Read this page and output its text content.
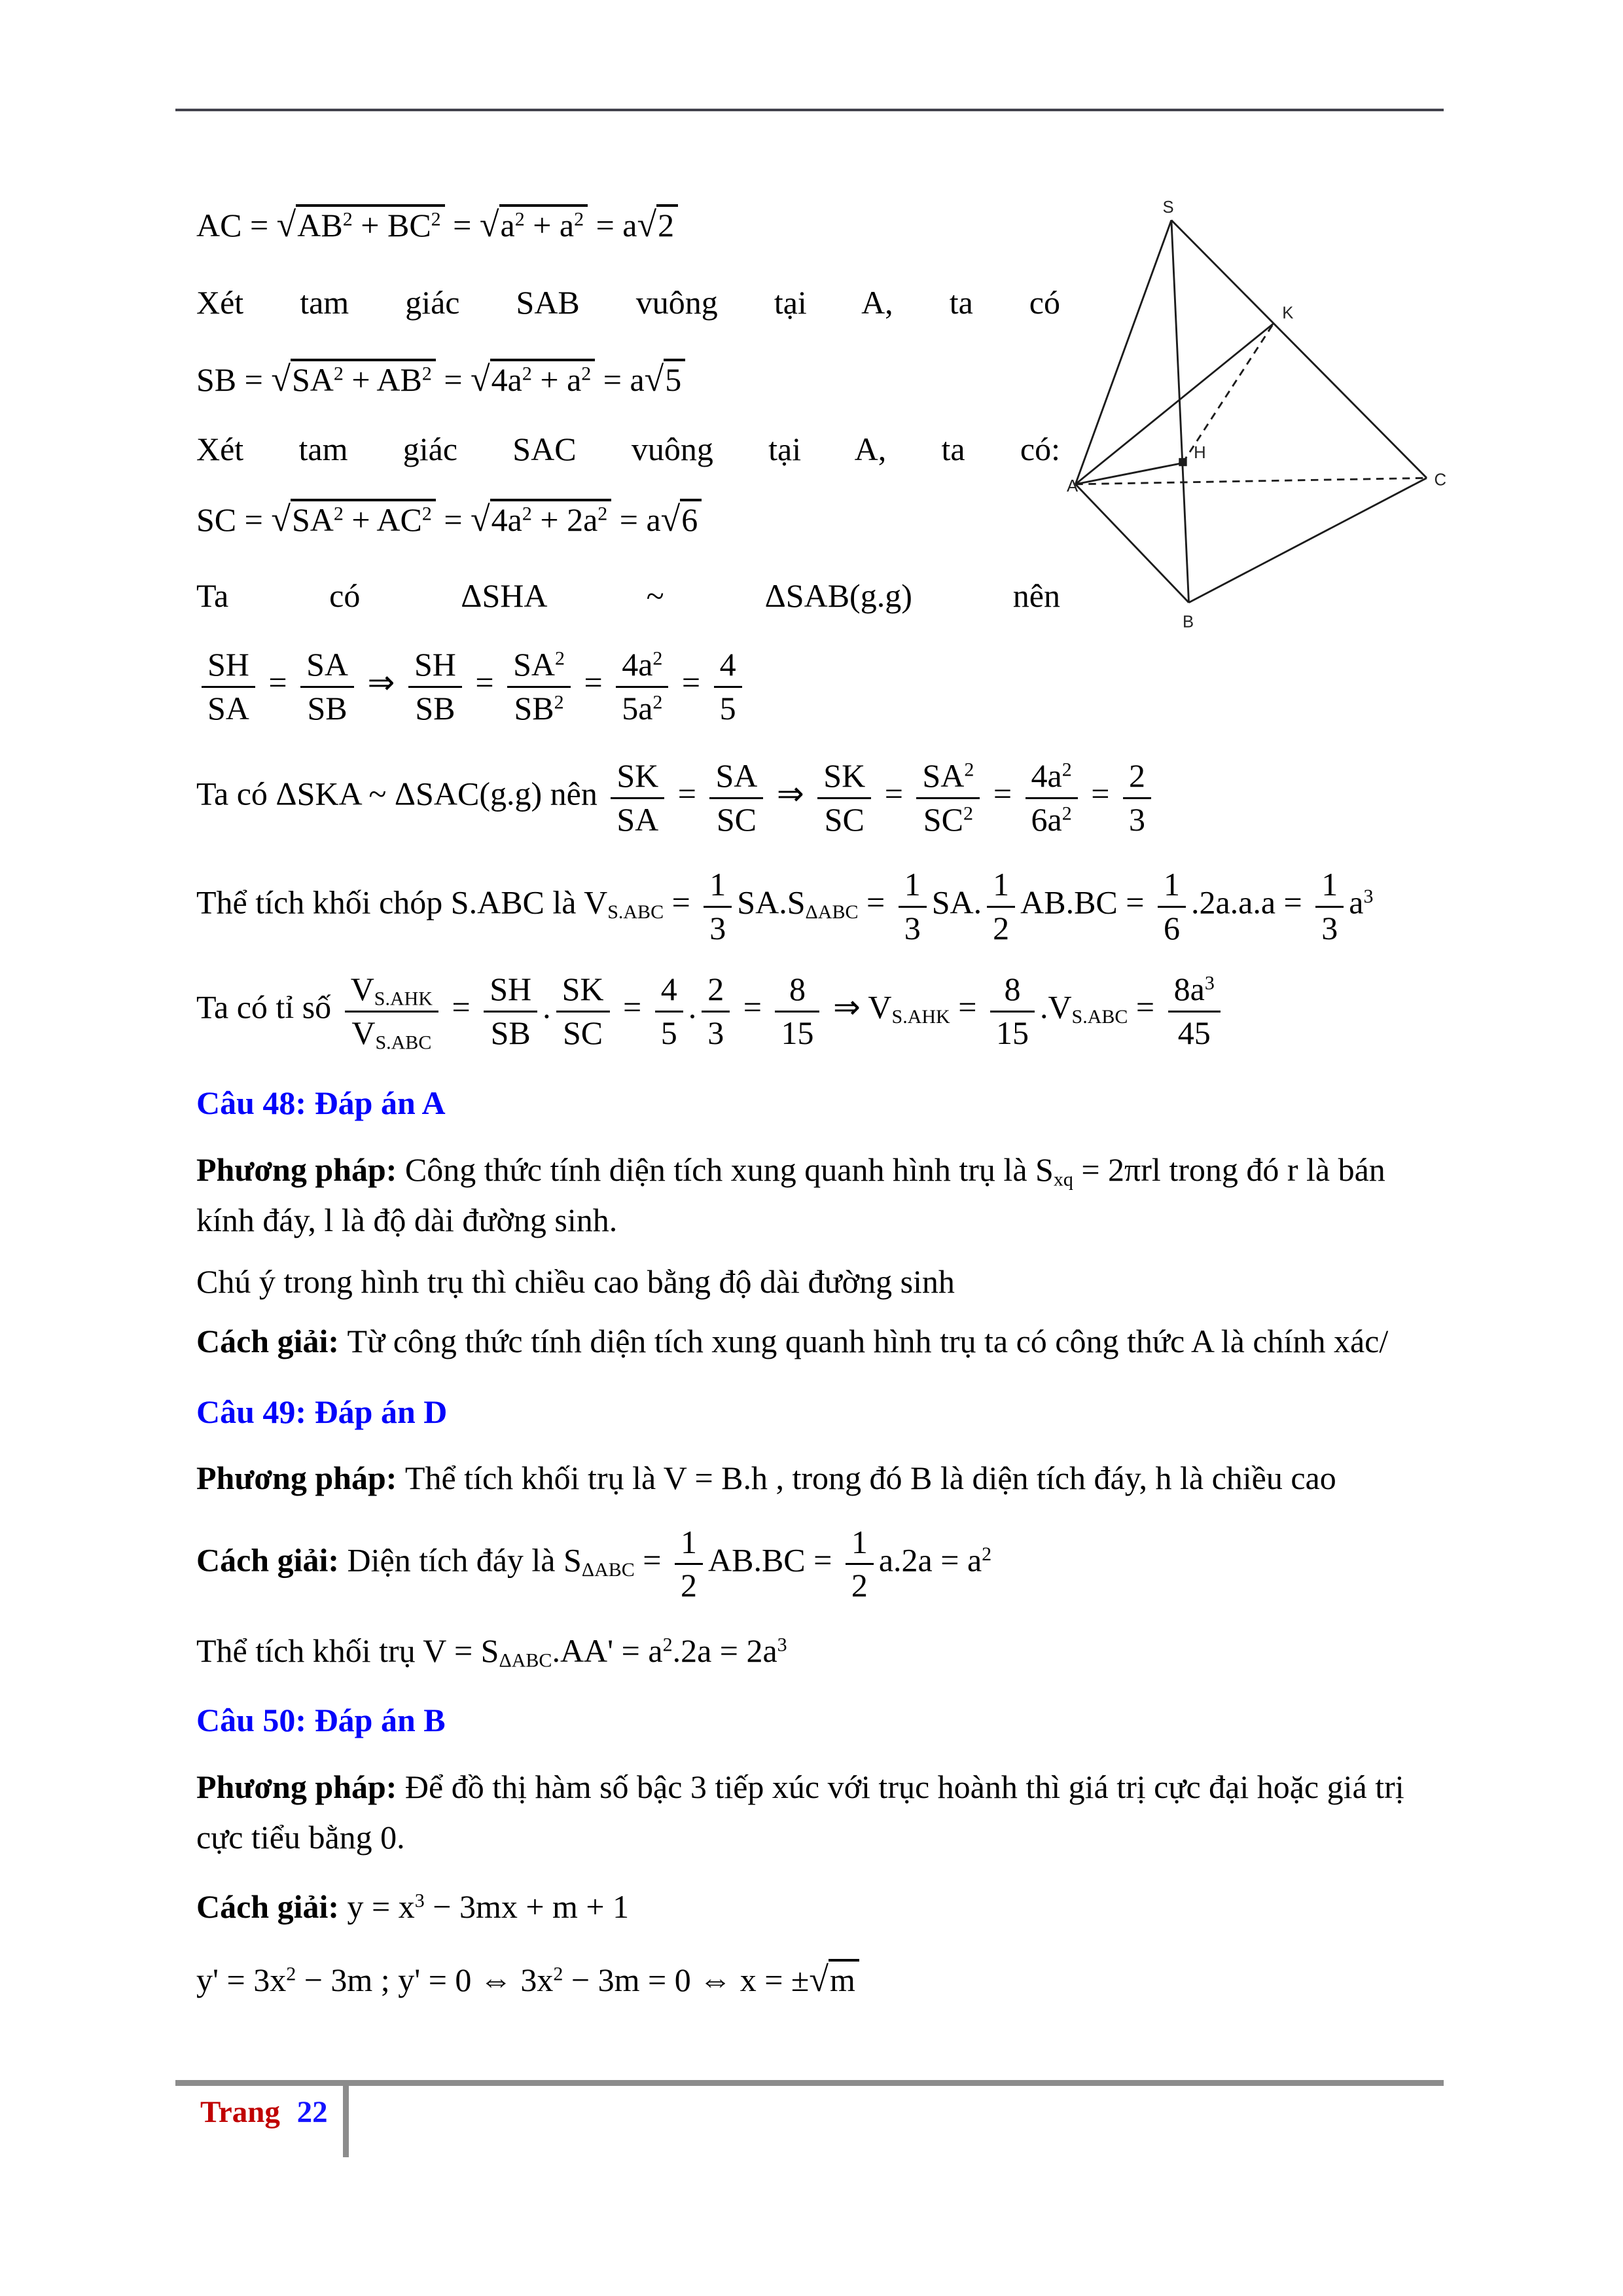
S
K
H
A
B
C

AC = $√AB^2 + BC^2 = √a^2 + a^2 = a√2$

Xét tam giác SAB vuông tại A, ta có

SB = $√SA^2 + AB^2 = √4a^2 + a^2 = a√5$

Xét tam giác SAC vuông tại A, ta có:

SC = $√SA^2 + AC^2 = √4a^2 + 2a^2 = a√6$

Ta có ΔSHA ~ ΔSAB(g.g) nên

$\frac{SH}{SA} = \frac{SA}{SB}$ ⇒ $\frac{SH}{SB} = \frac{SA^2}{SB^2} = \frac{4a^2}{5a^2} = \frac{4}{5}$

Ta có ΔSKA ~ ΔSAC(g.g) nên $\frac{SK}{SA} = \frac{SA}{SC}$ ⇒ $\frac{SK}{SC} = \frac{SA^2}{SC^2} = \frac{4a^2}{6a^2} = \frac{2}{3}$

Thể tích khối chóp S.ABC là $V_{S.ABC} = \frac{1}{3} SA.S_{\Delta ABC} = \frac{1}{3}$ SA. $\frac{1}{2} AB.BC = \frac{1}{6} .2a.a.a = \frac{1}{3} a^3$

Ta có tỉ số $\frac{V_{S.AHK}}{V_{S.ABC}} = \frac{SH}{SB}$ . $\frac{SK}{SC} = \frac{4}{5}$ . $\frac{2}{3} = \frac{8}{15}$ ⇒ $V_{S.AHK} = \frac{8}{15} .V_{S.ABC} = \frac{8a^3}{45}$

Câu 48: Đáp án A

Phương pháp: Công thức tính diện tích xung quanh hình trụ là $S_{xq} = 2\pi rl$ trong đó r là bán kính đáy, l là độ dài đường sinh.

Chú ý trong hình trụ thì chiều cao bằng độ dài đường sinh

Cách giải: Từ công thức tính diện tích xung quanh hình trụ ta có công thức A là chính xác/

Câu 49: Đáp án D

Phương pháp: Thể tích khối trụ là V = B.h , trong đó B là diện tích đáy, h là chiều cao

Cách giải: Diện tích đáy là $S_{\Delta ABC} = \frac{1}{2} AB.BC = \frac{1}{2} a.2a = a^2$

Thể tích khối trụ $V = S_{\Delta ABC}.AA' = a^2.2a = 2a^3$

Câu 50: Đáp án B

Phương pháp: Để đồ thị hàm số bậc 3 tiếp xúc với trục hoành thì giá trị cực đại hoặc giá trị cực tiểu bằng 0.

Cách giải: $y = x^3 - 3mx + m + 1$

$y' = 3x^2 - 3m$ ; y' = 0 ⇔ $3x^2 - 3m = 0$ ⇔ x = ±√m

Trang 22
